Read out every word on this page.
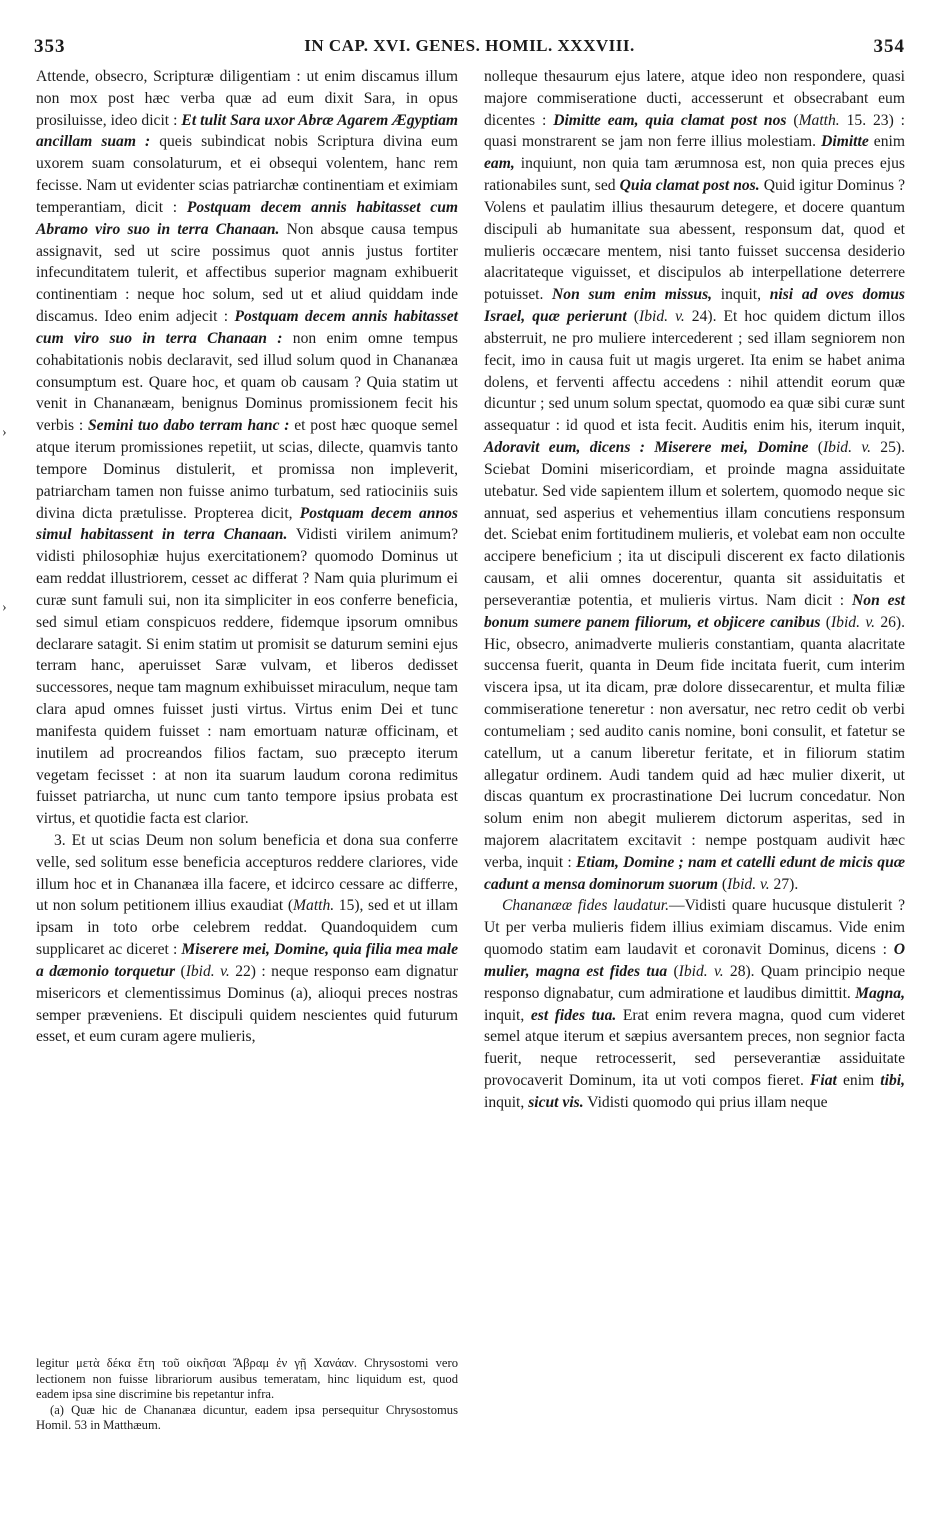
353	IN CAP. XVI. GENES. HOMIL. XXXVIII.	354
›
›

Attende, obsecro, Scripturæ diligentiam : ut enim discamus illum non mox post hæc verba quæ ad eum dixit Sara, in opus prosiluisse, ideo dicit : Et tulit Sara uxor Abræ Agarem Ægyptiam ancillam suam : queis subindicat nobis Scriptura divina eum uxorem suam consolaturum, et ei obsequi volentem, hanc rem fecisse. Nam ut evidenter scias patriarchæ continentiam et eximiam temperantiam, dicit : Postquam decem annis habitasset cum Abramo viro suo in terra Chanaan. Non absque causa tempus assignavit, sed ut scire possimus quot annis justus fortiter infecunditatem tulerit, et affectibus superior magnam exhibuerit continentiam : neque hoc solum, sed ut et aliud quiddam inde discamus. Ideo enim adjecit : Postquam decem annis habitasset cum viro suo in terra Chanaan : non enim omne tempus cohabitationis nobis declaravit, sed illud solum quod in Chananæa consumptum est. Quare hoc, et quam ob causam ? Quia statim ut venit in Chananæam, benignus Dominus promissionem fecit his verbis : Semini tuo dabo terram hanc : et post hæc quoque semel atque iterum promissiones repetiit, ut scias, dilecte, quamvis tanto tempore Dominus distulerit, et promissa non impleverit, patriarcham tamen non fuisse animo turbatum, sed ratiociniis suis divina dicta prætulisse. Propterea dicit, Postquam decem annos simul habitassent in terra Chanaan. Vidisti virilem animum? vidisti philosophiæ hujus exercitationem? quomodo Dominus ut eam reddat illustriorem, cesset ac differat ? Nam quia plurimum ei curæ sunt famuli sui, non ita simpliciter in eos conferre beneficia, sed simul etiam conspicuos reddere, fidemque ipsorum omnibus declarare satagit. Si enim statim ut promisit se daturum semini ejus terram hanc, aperuisset Saræ vulvam, et liberos dedisset successores, neque tam magnum exhibuisset miraculum, neque tam clara apud omnes fuisset justi virtus. Virtus enim Dei et tunc manifesta quidem fuisset : nam emortuam naturæ officinam, et inutilem ad procreandos filios factam, suo præcepto iterum vegetam fecisset : at non ita suarum laudum corona redimitus fuisset patriarcha, ut nunc cum tanto tempore ipsius probata est virtus, et quotidie facta est clarior.

3. Et ut scias Deum non solum beneficia et dona sua conferre velle, sed solitum esse beneficia accepturos reddere clariores, vide illum hoc et in Chananæa illa facere, et idcirco cessare ac differre, ut non solum petitionem illius exaudiat (Matth. 15), sed et ut illam ipsam in toto orbe celebrem reddat. Quandoquidem cum supplicaret ac diceret : Miserere mei, Domine, quia filia mea male a dæmonio torquetur (Ibid. v. 22) : neque responso eam dignatur misericors et clementissimus Dominus (a), alioqui preces nostras semper præveniens. Et discipuli quidem nescientes quid futurum esset, et eum curam agere mulieris,

nolleque thesaurum ejus latere, atque ideo non respondere, quasi majore commiseratione ducti, accesserunt et obsecrabant eum dicentes : Dimitte eam, quia clamat post nos (Matth. 15. 23) : quasi monstrarent se jam non ferre illius molestiam. Dimitte enim eam, inquiunt, non quia tam ærumnosa est, non quia preces ejus rationabiles sunt, sed Quia clamat post nos. Quid igitur Dominus ? Volens et paulatim illius thesaurum detegere, et docere quantum discipuli ab humanitate sua abessent, responsum dat, quod et mulieris occæcare mentem, nisi tanto fuisset succensa desiderio alacritateque viguisset, et discipulos ab interpellatione deterrere potuisset. Non sum enim missus, inquit, nisi ad oves domus Israel, quæ perierunt (Ibid. v. 24). Et hoc quidem dictum illos absterruit, ne pro muliere intercederent ; sed illam segniorem non fecit, imo in causa fuit ut magis urgeret. Ita enim se habet anima dolens, et ferventi affectu accedens : nihil attendit eorum quæ dicuntur ; sed unum solum spectat, quomodo ea quæ sibi curæ sunt assequatur : id quod et ista fecit. Auditis enim his, iterum inquit, Adoravit eum, dicens : Miserere mei, Domine (Ibid. v. 25). Sciebat Domini misericordiam, et proinde magna assiduitate utebatur. Sed vide sapientem illum et solertem, quomodo neque sic annuat, sed asperius et vehementius illam concutiens responsum det. Sciebat enim fortitudinem mulieris, et volebat eam non occulte accipere beneficium ; ita ut discipuli discerent ex facto dilationis causam, et alii omnes docerentur, quanta sit assiduitatis et perseverantiæ potentia, et mulieris virtus. Nam dicit : Non est bonum sumere panem filiorum, et objicere canibus (Ibid. v. 26). Hic, obsecro, animadverte mulieris constantiam, quanta alacritate succensa fuerit, quanta in Deum fide incitata fuerit, cum interim viscera ipsa, ut ita dicam, præ dolore dissecarentur, et multa filiæ commiseratione teneretur : non aversatur, nec retro cedit ob verbi contumeliam ; sed audito canis nomine, boni consulit, et fatetur se catellum, ut a canum liberetur feritate, et in filiorum statim allegatur ordinem. Audi tandem quid ad hæc mulier dixerit, ut discas quantum ex procrastinatione Dei lucrum concedatur. Non solum enim non abegit mulierem dictorum asperitas, sed in majorem alacritatem excitavit : nempe postquam audivit hæc verba, inquit : Etiam, Domine ; nam et catelli edunt de micis quæ cadunt a mensa dominorum suorum (Ibid. v. 27).

Chananææ fides laudatur.—Vidisti quare hucusque distulerit ? Ut per verba mulieris fidem illius eximiam discamus. Vide enim quomodo statim eam laudavit et coronavit Dominus, dicens : O mulier, magna est fides tua (Ibid. v. 28). Quam principio neque responso dignabatur, cum admiratione et laudibus dimittit. Magna, inquit, est fides tua. Erat enim revera magna, quod cum videret semel atque iterum et sæpius aversantem preces, non segnior facta fuerit, neque retrocesserit, sed perseverantiæ assiduitate provocaverit Dominum, ita ut voti compos fieret. Fiat enim tibi, inquit, sicut vis. Vidisti quomodo qui prius illam neque

legitur μετὰ δέκα ἔτη τοῦ οἰκῆσαι Ἄβραμ ἐν γῇ Χανάαν. Chrysostomi vero lectionem non fuisse librariorum ausibus temeratam, hinc liquidum est, quod eadem ipsa sine discrimine bis repetantur infra.

(a) Quæ hic de Chananæa dicuntur, eadem ipsa persequitur Chrysostomus Homil. 53 in Matthæum.
